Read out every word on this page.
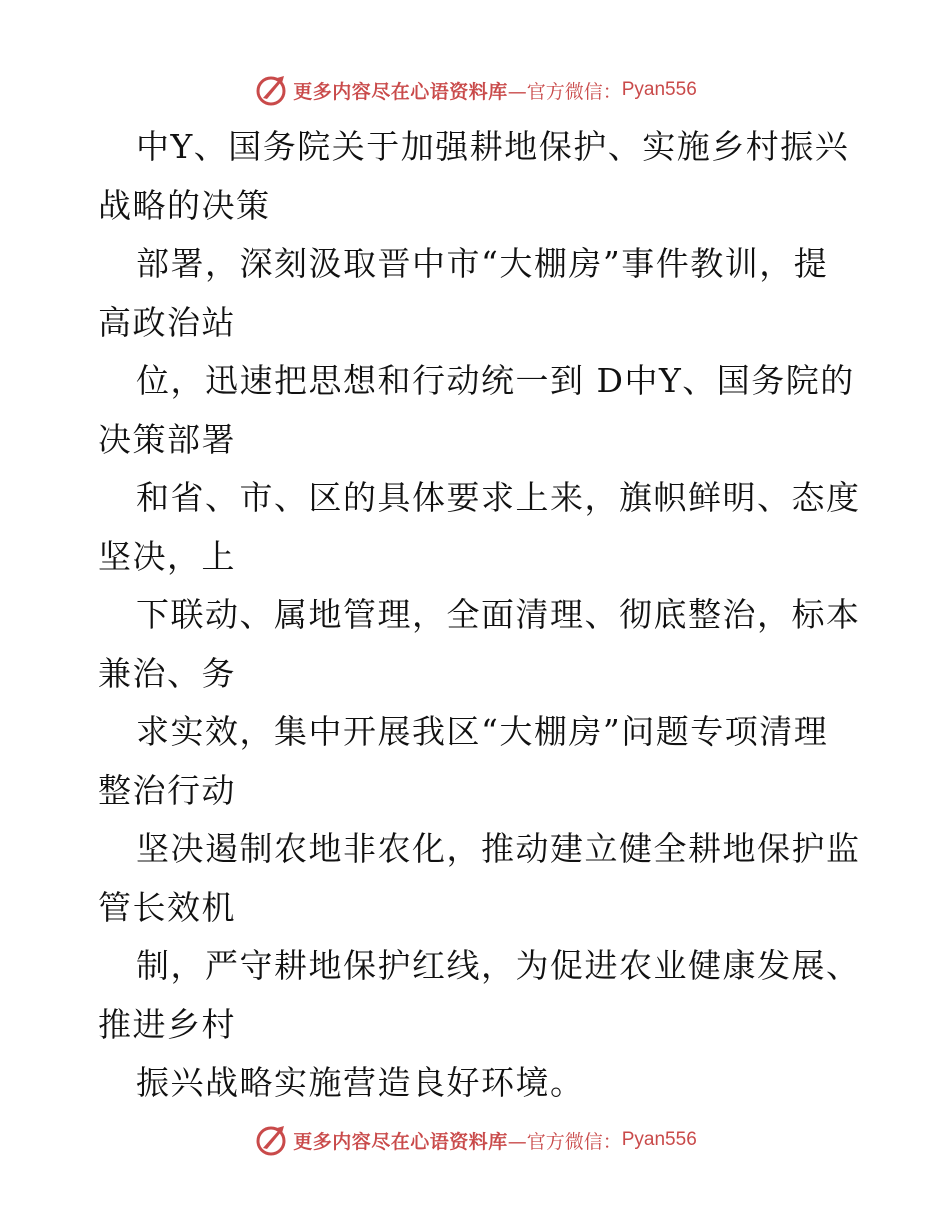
更多内容尽在心语资料库 —官方微信： Pyan556
中Y、国务院关于加强耕地保护、实施乡村振兴
战略的决策
部署，深刻汲取晋中市“大棚房”事件教训，提
高政治站
位，迅速把思想和行动统一到 D中Y、国务院的
决策部署
和省、市、区的具体要求上来，旗帜鲜明、态度
坚决，上
下联动、属地管理，全面清理、彻底整治，标本
兼治、务
求实效，集中开展我区“大棚房”问题专项清理
整治行动
坚决遏制农地非农化，推动建立健全耕地保护监
管长效机
制，严守耕地保护红线，为促进农业健康发展、
推进乡村
振兴战略实施营造良好环境。
更多内容尽在心语资料库 —官方微信： Pyan556
